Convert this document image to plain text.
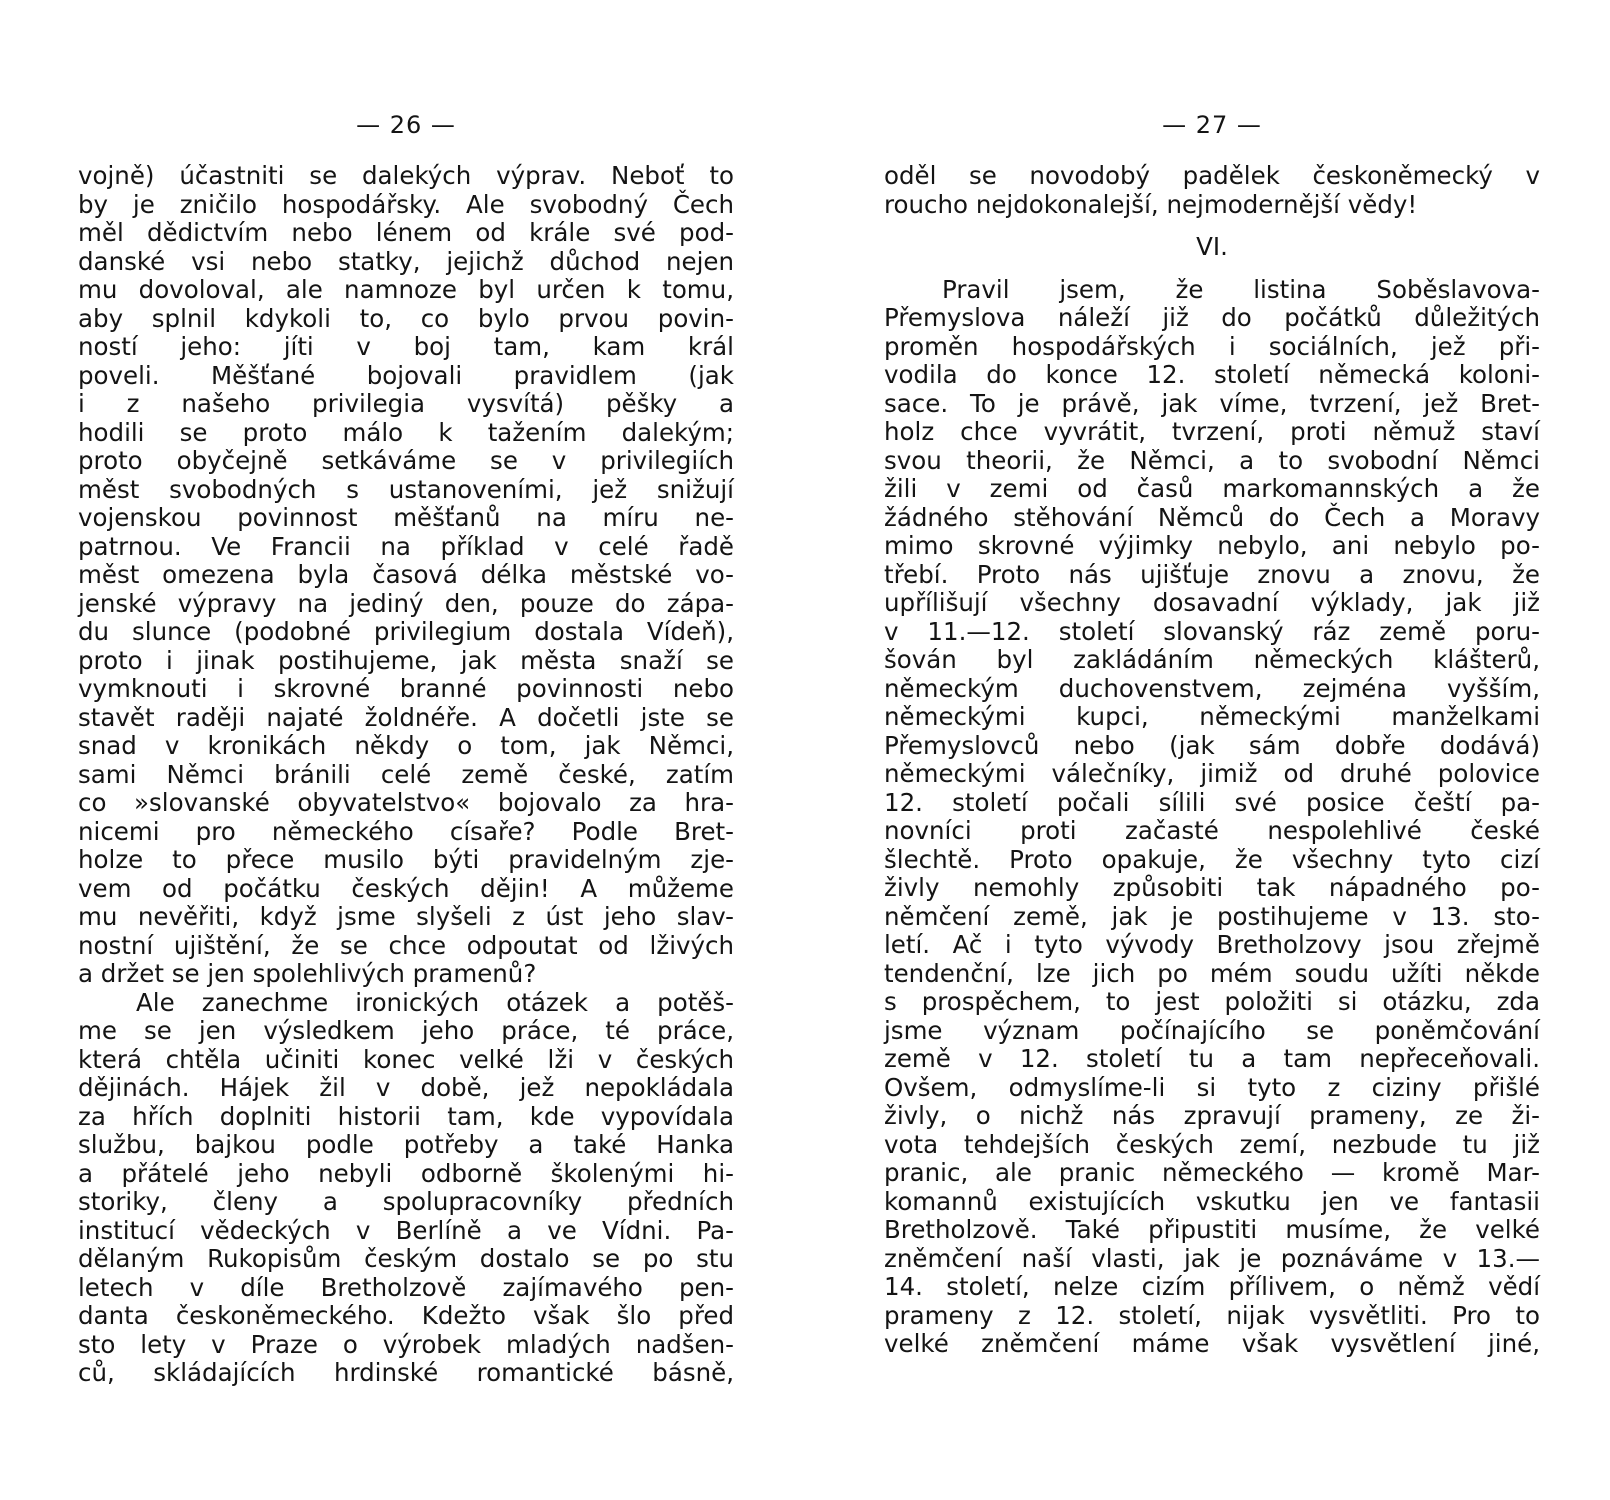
— 26 —
vojně) účastniti se dalekých výprav. Neboť to
by je zničilo hospodářsky. Ale svobodný Čech
měl dědictvím nebo lénem od krále své pod-
danské vsi nebo statky, jejichž důchod nejen
mu dovoloval, ale namnoze byl určen k tomu,
aby splnil kdykoli to, co bylo prvou povin-
ností jeho: jíti v boj tam, kam král
poveli. Měšťané bojovali pravidlem (jak
i z našeho privilegia vysvítá) pěšky a
hodili se proto málo k tažením dalekým;
proto obyčejně setkáváme se v privilegiích
měst svobodných s ustanoveními, jež snižují
vojenskou povinnost měšťanů na míru ne-
patrnou. Ve Francii na příklad v celé řadě
měst omezena byla časová délka městské vo-
jenské výpravy na jediný den, pouze do zápa-
du slunce (podobné privilegium dostala Vídeň),
proto i jinak postihujeme, jak města snaží se
vymknouti i skrovné branné povinnosti nebo
stavět raději najaté žoldnéře. A dočetli jste se
snad v kronikách někdy o tom, jak Němci,
sami Němci bránili celé země české, zatím
co »slovanské obyvatelstvo« bojovalo za hra-
nicemi pro německého císaře? Podle Bret-
holze to přece musilo býti pravidelným zje-
vem od počátku českých dějin! A můžeme
mu nevěřiti, když jsme slyšeli z úst jeho slav-
nostní ujištění, že se chce odpoutat od lživých
a držet se jen spolehlivých pramenů?
Ale zanechme ironických otázek a potěš-
me se jen výsledkem jeho práce, té práce,
která chtěla učiniti konec velké lži v českých
dějinách. Hájek žil v době, jež nepokládala
za hřích doplniti historii tam, kde vypovídala
službu, bajkou podle potřeby a také Hanka
a přátelé jeho nebyli odborně školenými hi-
storiky, členy a spolupracovníky předních
institucí vědeckých v Berlíně a ve Vídni. Pa-
dělaným Rukopisům českým dostalo se po stu
letech v díle Bretholzově zajímavého pen-
danta českoněmeckého. Kdežto však šlo před
sto lety v Praze o výrobek mladých nadšen-
ců, skládajících hrdinské romantické básně,
— 27 —
oděl se novodobý padělek českoněmecký v
roucho nejdokonalejší, nejmodernější vědy!
VI.
Pravil jsem, že listina Soběslavova-
Přemyslova náleží již do počátků důležitých
proměn hospodářských i sociálních, jež při-
vodila do konce 12. století německá koloni-
sace. To je právě, jak víme, tvrzení, jež Bret-
holz chce vyvrátit, tvrzení, proti němuž staví
svou theorii, že Němci, a to svobodní Němci
žili v zemi od časů markomannských a že
žádného stěhování Němců do Čech a Moravy
mimo skrovné výjimky nebylo, ani nebylo po-
třebí. Proto nás ujišťuje znovu a znovu, že
upřílišují všechny dosavadní výklady, jak již
v 11.—12. století slovanský ráz země poru-
šován byl zakládáním německých klášterů,
německým duchovenstvem, zejména vyšším,
německými kupci, německými manželkami
Přemyslovců nebo (jak sám dobře dodává)
německými válečníky, jimiž od druhé polovice
12. století počali sílili své posice čeští pa-
novníci proti začasté nespolehlivé české
šlechtě. Proto opakuje, že všechny tyto cizí
živly nemohly způsobiti tak nápadného po-
němčení země, jak je postihujeme v 13. sto-
letí. Ač i tyto vývody Bretholzovy jsou zřejmě
tendenční, lze jich po mém soudu užíti někde
s prospěchem, to jest položiti si otázku, zda
jsme význam počínajícího se poněmčování
země v 12. století tu a tam nepřeceňovali.
Ovšem, odmyslíme-li si tyto z ciziny přišlé
živly, o nichž nás zpravují prameny, ze ži-
vota tehdejších českých zemí, nezbude tu již
pranic, ale pranic německého — kromě Mar-
komannů existujících vskutku jen ve fantasii
Bretholzově. Také připustiti musíme, že velké
zněmčení naší vlasti, jak je poznáváme v 13.—
14. století, nelze cizím přílivem, o němž vědí
prameny z 12. století, nijak vysvětliti. Pro to
velké zněmčení máme však vysvětlení jiné,
